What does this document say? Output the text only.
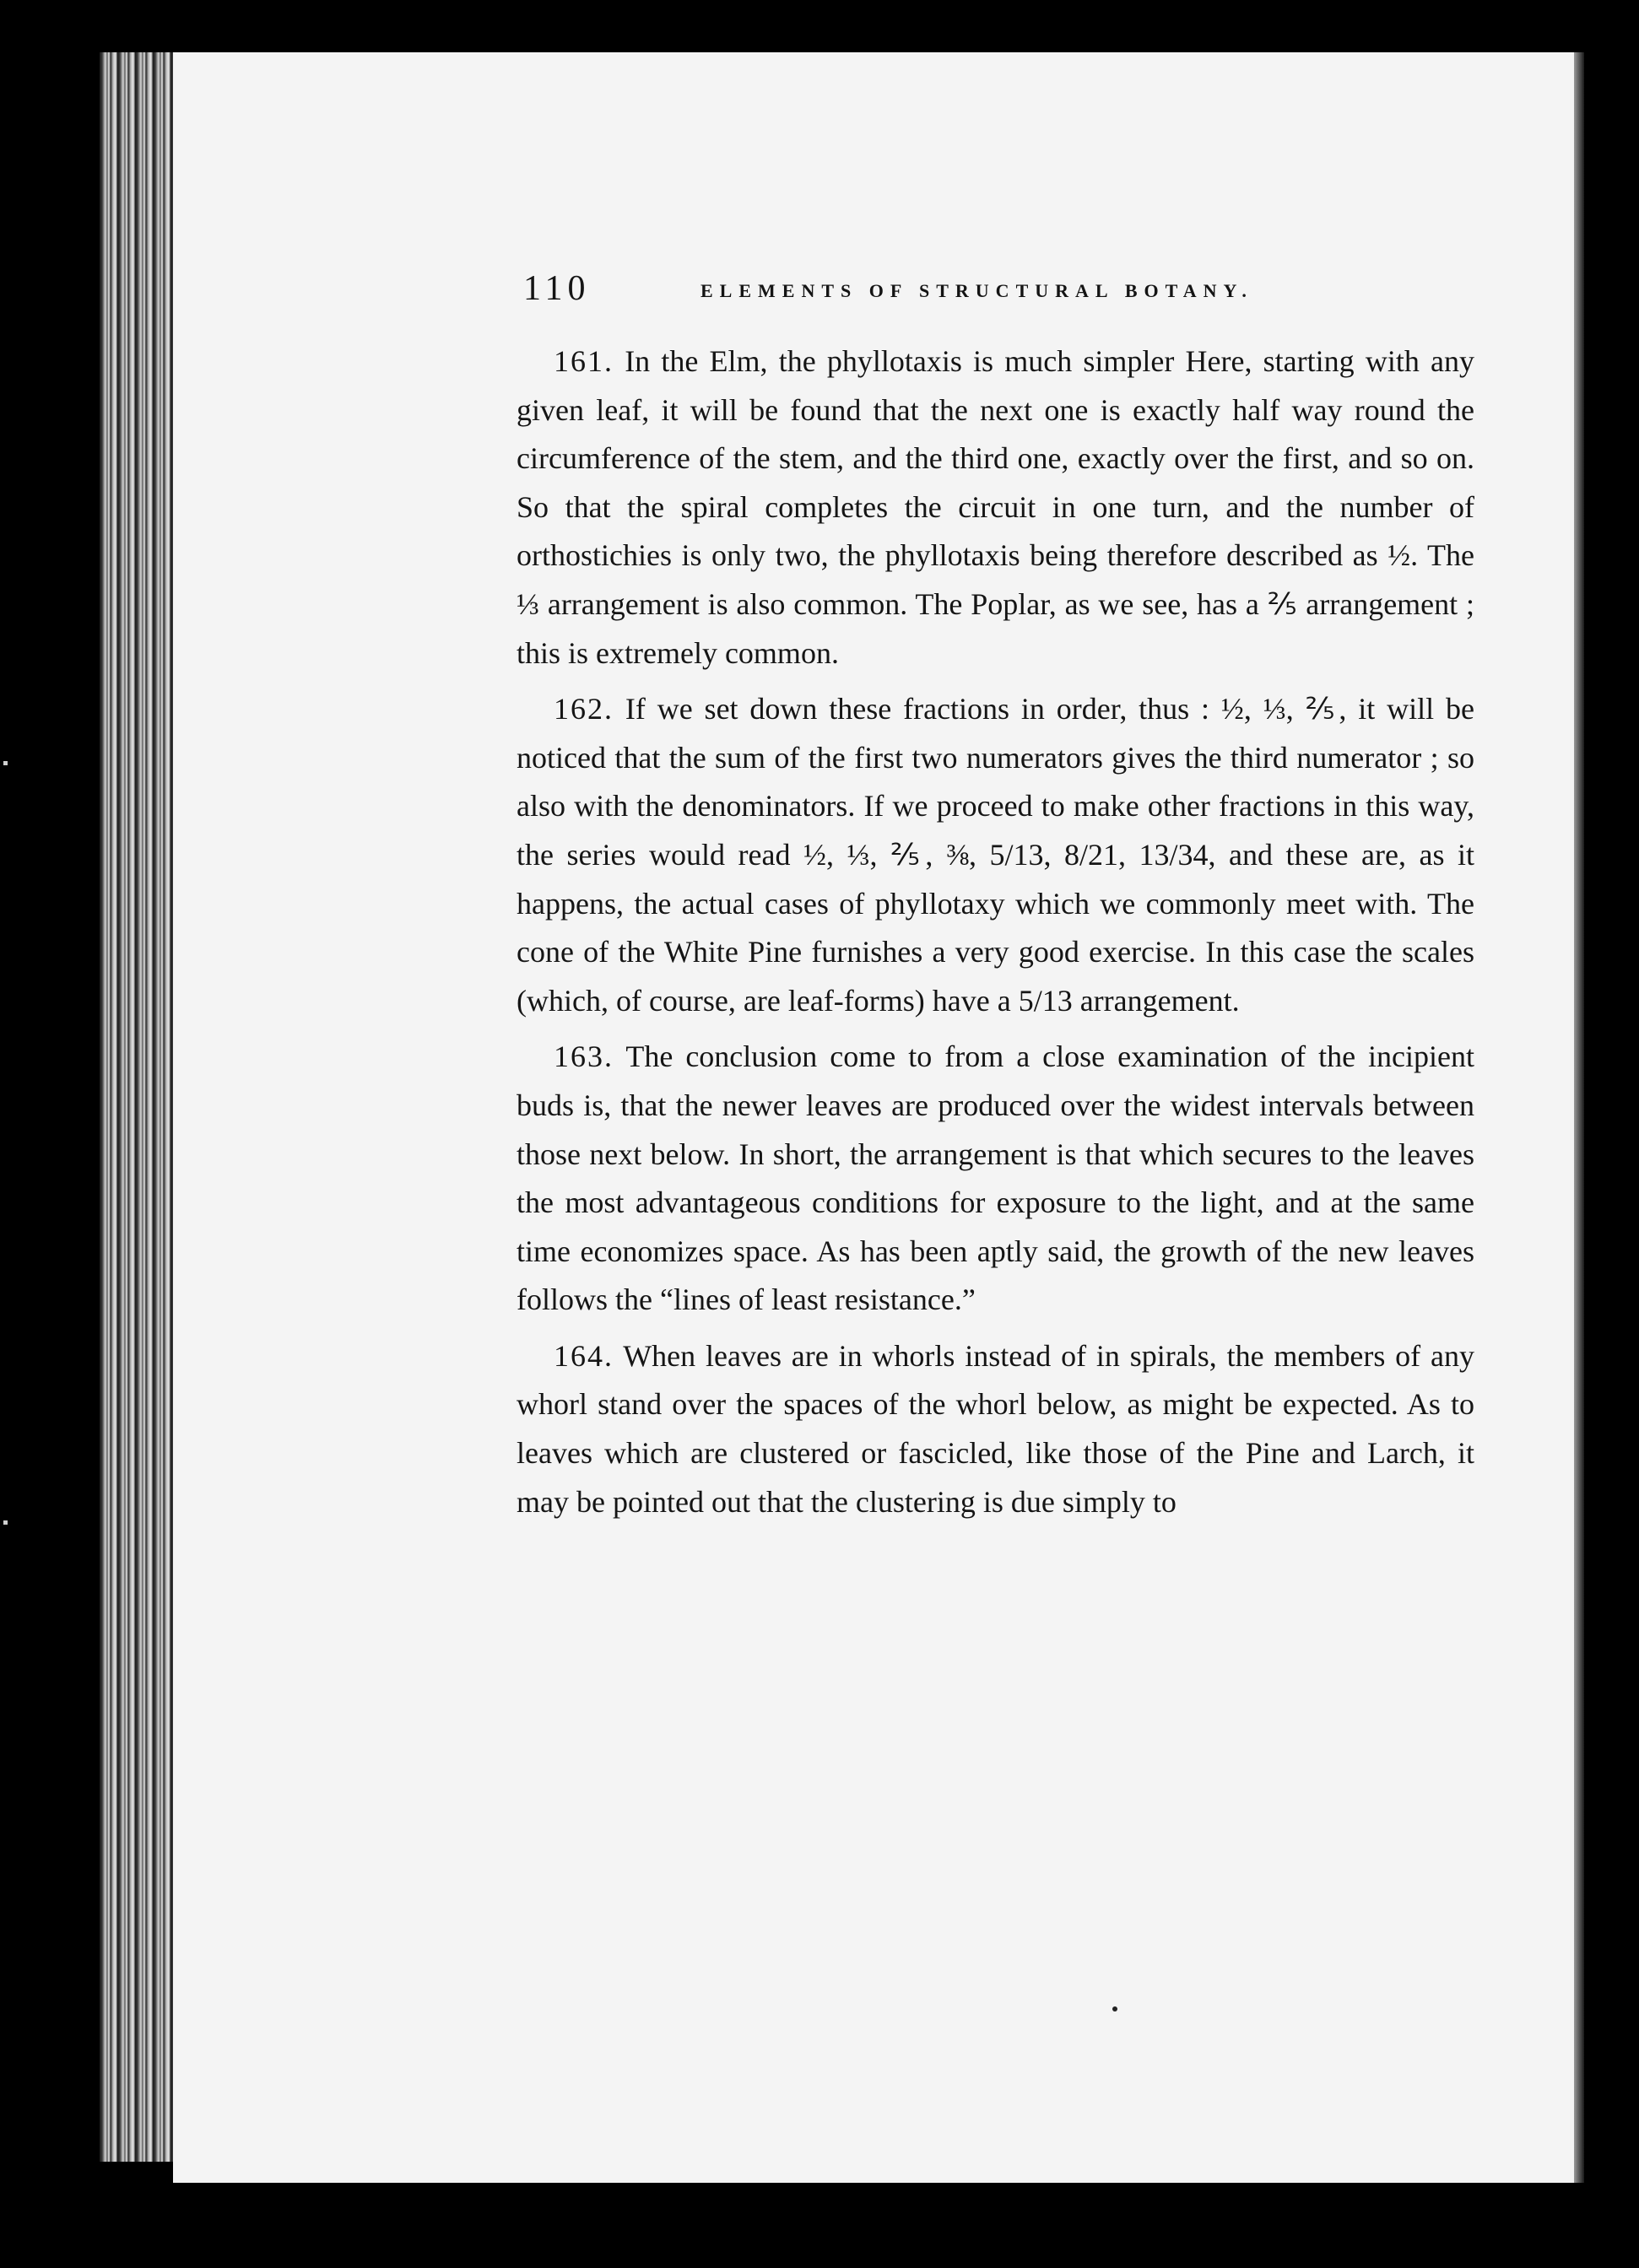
110	ELEMENTS OF STRUCTURAL BOTANY.

161. In the Elm, the phyllotaxis is much simpler Here, starting with any given leaf, it will be found that the next one is exactly half way round the circumference of the stem, and the third one, exactly over the first, and so on. So that the spiral completes the circuit in one turn, and the number of orthostichies is only two, the phyllotaxis being therefore described as ½. The ⅓ arrangement is also common. The Poplar, as we see, has a ⅖ arrangement ; this is extremely common.

162. If we set down these fractions in order, thus : ½, ⅓, ⅖, it will be noticed that the sum of the first two numerators gives the third numerator ; so also with the denominators. If we proceed to make other fractions in this way, the series would read ½, ⅓, ⅖, ⅜, 5/13, 8/21, 13/34, and these are, as it happens, the actual cases of phyllotaxy which we commonly meet with. The cone of the White Pine furnishes a very good exercise. In this case the scales (which, of course, are leaf-forms) have a 5/13 arrangement.

163. The conclusion come to from a close examination of the incipient buds is, that the newer leaves are produced over the widest intervals between those next below. In short, the arrangement is that which secures to the leaves the most advantageous conditions for exposure to the light, and at the same time economizes space. As has been aptly said, the growth of the new leaves follows the “lines of least resistance.”

164. When leaves are in whorls instead of in spirals, the members of any whorl stand over the spaces of the whorl below, as might be expected. As to leaves which are clustered or fascicled, like those of the Pine and Larch, it may be pointed out that the clustering is due simply to
